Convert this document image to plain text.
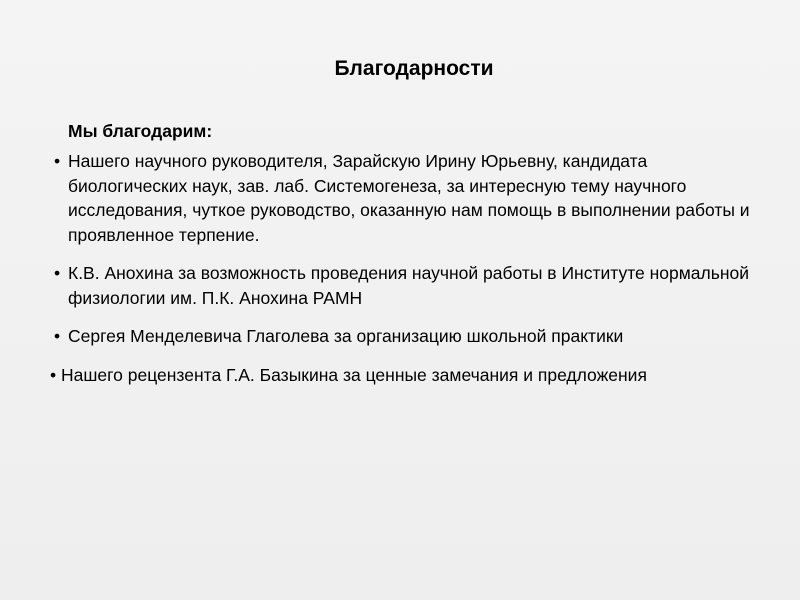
Благодарности

Мы благодарим:

• Нашего научного руководителя, Зарайскую Ирину Юрьевну, кандидата биологических наук, зав. лаб. Системогенеза, за интересную тему научного исследования, чуткое руководство, оказанную нам помощь в выполнении работы и проявленное терпение.
• К.В. Анохина за возможность проведения научной работы в Институте нормальной физиологии им. П.К. Анохина РАМН
• Сергея Менделевича Глаголева за организацию школьной практики
• Нашего рецензента Г.А. Базыкина за ценные замечания и предложения
